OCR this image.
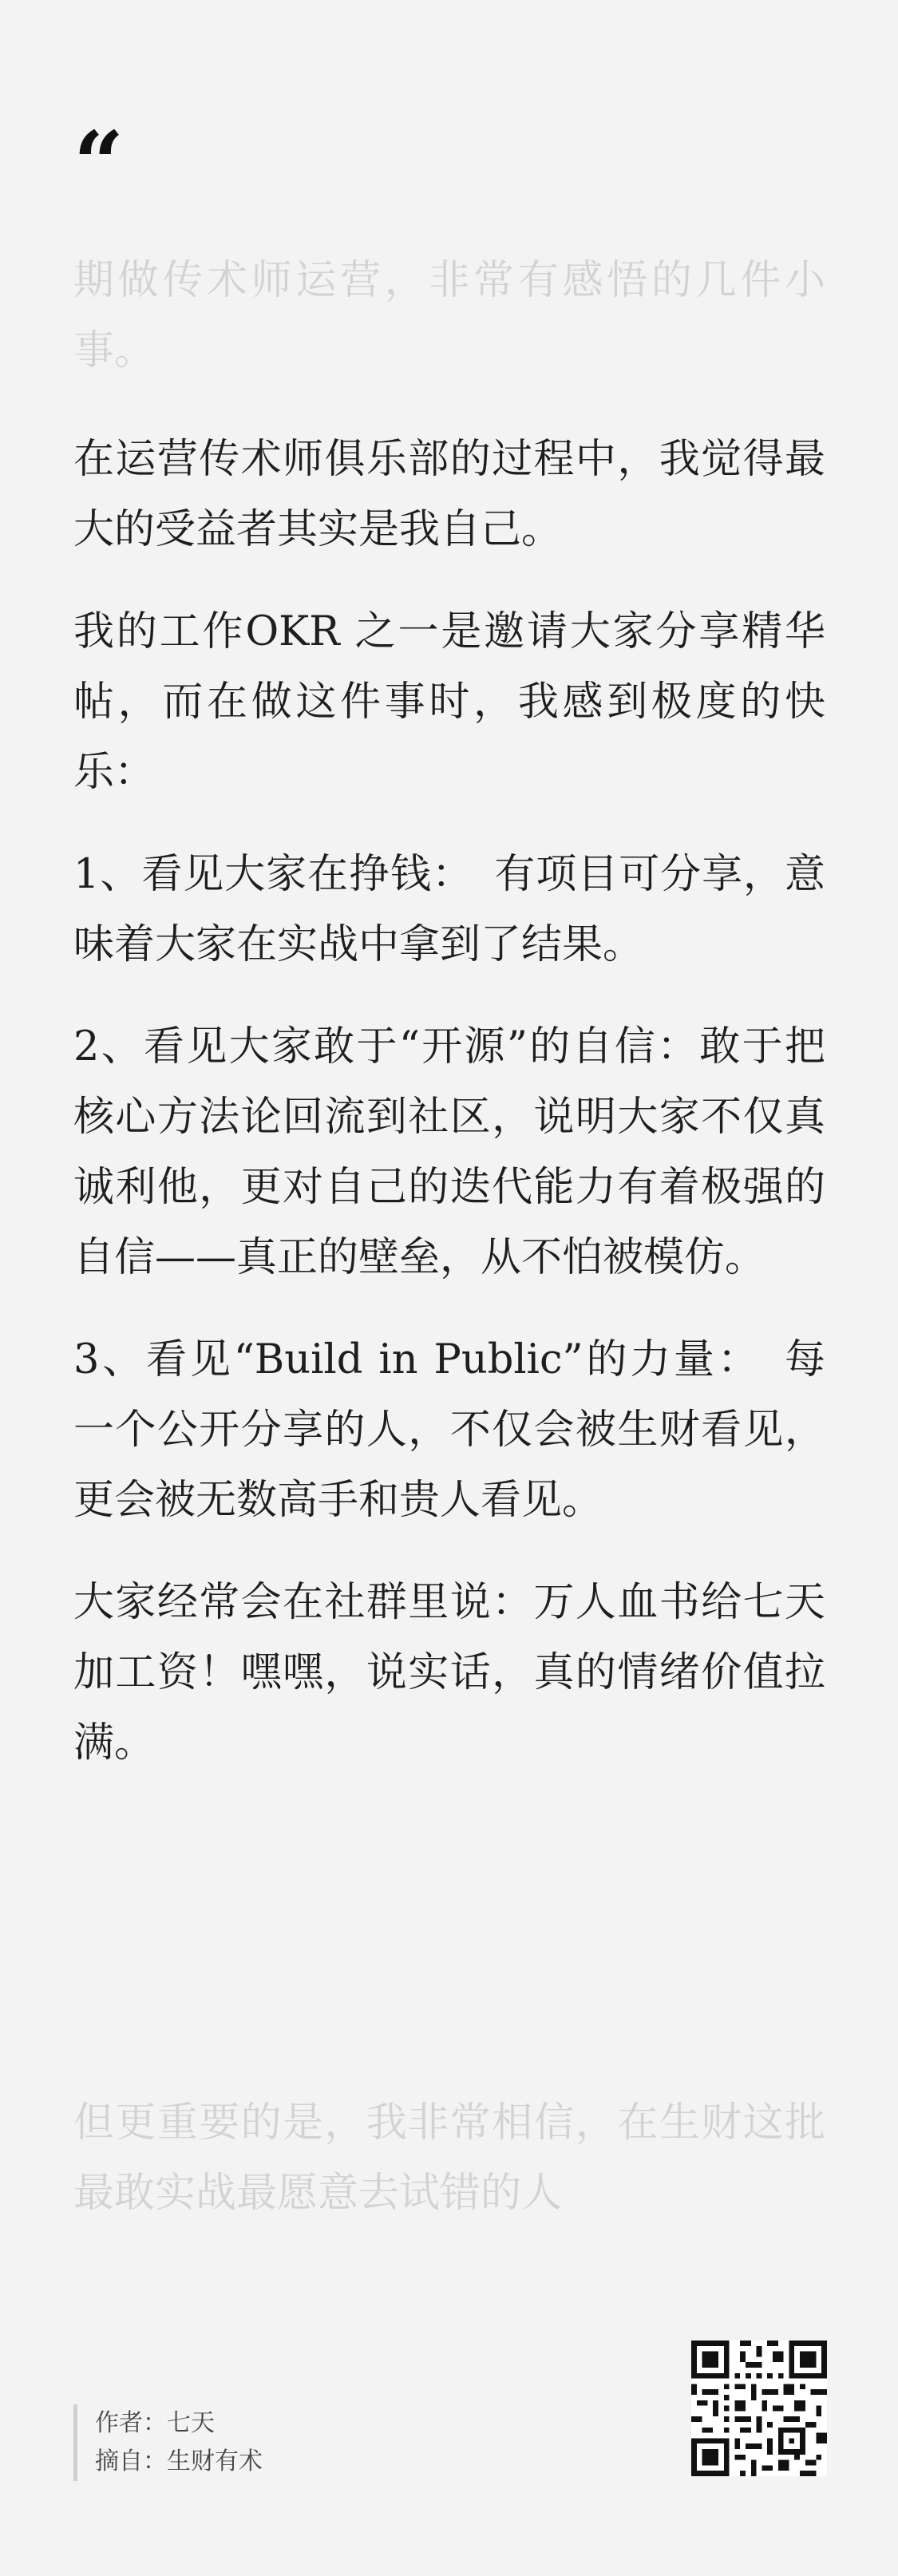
“
期做传术师运营，非常有感悟的几件小事。

在运营传术师俱乐部的过程中，我觉得最大的受益者其实是我自己。

我的工作OKR 之一是邀请大家分享精华帖，而在做这件事时，我感到极度的快乐：

1、看见大家在挣钱：　有项目可分享，意味着大家在实战中拿到了结果。

2、看见大家敢于“开源”的自信：敢于把核心方法论回流到社区，说明大家不仅真诚利他，更对自己的迭代能力有着极强的自信——真正的壁垒，从不怕被模仿。

3、看见“Build in Public”的力量：　每一个公开分享的人，不仅会被生财看见，更会被无数高手和贵人看见。

大家经常会在社群里说：万人血书给七天加工资！嘿嘿，说实话，真的情绪价值拉满。

但更重要的是，我非常相信，在生财这批最敢实战最愿意去试错的人

作者：七天
摘自：生财有术
